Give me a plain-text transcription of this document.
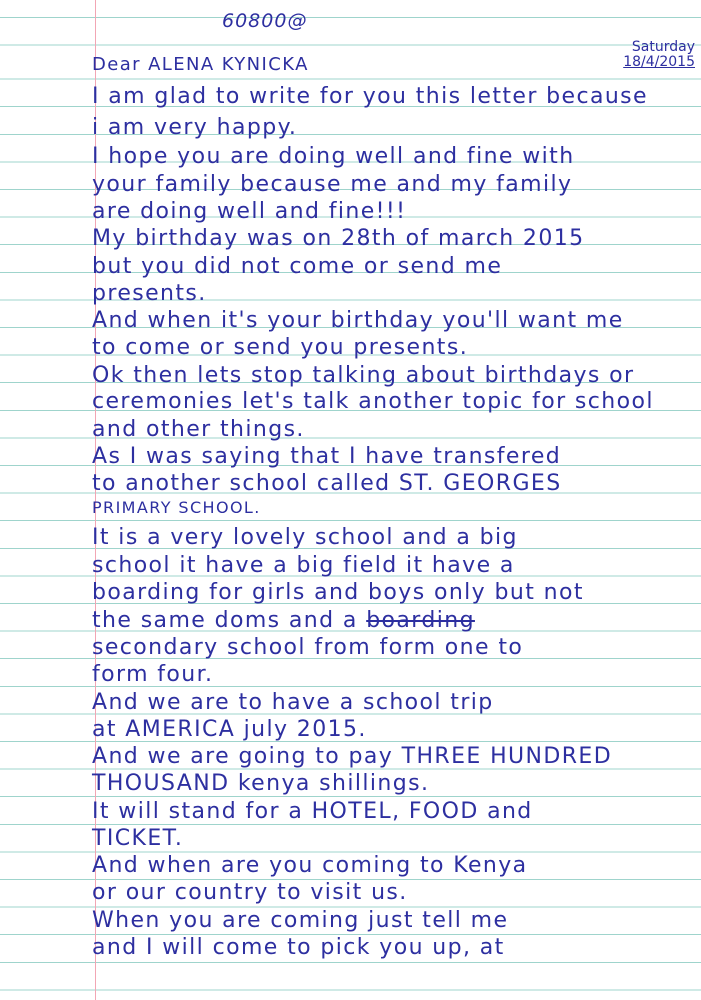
60800@
Saturday
18/4/2015
Dear ALENA KYNICKA
I am glad to write for you this letter because
i am very happy.
I hope you are doing well and fine with
your family because me and my family
are doing well and fine!!!
My birthday was on 28th of march 2015
but you did not come or send me
presents.
And when it's your birthday you'll want me
to come or send you presents.
Ok then lets stop talking about birthdays or
ceremonies let's talk another topic for school
and other things.
As I was saying that I have transfered
to another school called ST. GEORGES
PRIMARY SCHOOL.
It is a very lovely school and a big
school it have a big field it have a
boarding for girls and boys only but not
the same doms and a boarding
secondary school from form one to
form four.
And we are to have a school trip
at AMERICA july 2015.
And we are going to pay THREE HUNDRED
THOUSAND kenya shillings.
It will stand for a HOTEL, FOOD and
TICKET.
And when are you coming to Kenya
or our country to visit us.
When you are coming just tell me
and I will come to pick you up, at
